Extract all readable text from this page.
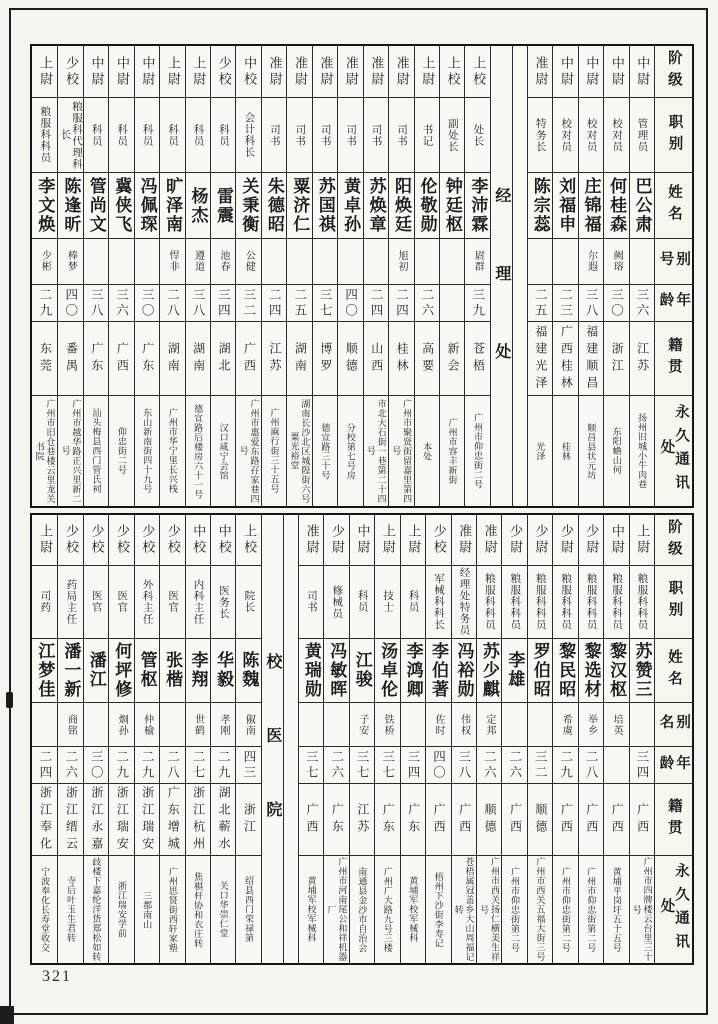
阶级
职别
姓名
别号
年龄
籍贯
永久通讯处
中尉
管理员
巴公肃
三六
江苏
扬州旧城小牛肉巷
中尉
校对员
何桂森
阙瑢
三〇
浙江
东阳蟾山何
中尉
校对员
庄锦福
尔遐
三八
福建顺昌
顺昌县状元坊
中尉
校对员
刘福申
二三
广西桂林
桂林
准尉
特务长
陈宗蕊
二五
福建光泽
光泽
经理处
上校
处长
李沛霖
尉群
三九
苍梧
广州市仰忠街二号
上校
副处长
钟廷枢
新会
广州市容丰新街
上尉
书记
伦敬勋
二六
高要
本处
准尉
司书
阳焕廷
旭初
二四
桂林
广州市聚贤街留嘉里第四号
准尉
司书
苏焕章
二四
山西
市北大石街一巷第二十四号
准尉
司书
黄卓孙
四〇
顺德
分校第七号房
准尉
司书
苏国祺
三七
博罗
德宣路三十号
准尉
司书
粟济仁
二五
湖南
湖南长沙北区城隍街六号粟光裕堂
准尉
司书
朱德昭
二四
江苏
广州麻行街三十五号
中校
会计科长
关秉衡
公健
三二
广西
广州市惠爱东路孖家巷四号
少校
科员
雷震
池春
三四
湖北
汉口咸宁会馆
上尉
科员
杨杰
遵道
三八
湖南
德宣路后楼房六十一号
上尉
科员
旷泽南
悍非
二八
湖南
广州市华宁里长兴栈
中尉
科员
冯佩琛
三〇
广东
东山新南街四十九号
中尉
科员
冀侠飞
三六
广西
仰忠街二号
中尉
科员
管尚文
三八
广东
汕头梅县西门管氏祠
少校
粮服科代理科长
陈逢昕
棒梦
四〇
番禺
广州市越华路正兴里新二号
上尉
粮服科科员
李文焕
少彬
二九
东莞
广州市旧仓巷楼云里龙关书院
阶级
职别
姓名
别名
年龄
籍贯
永久通讯处
上尉
粮服科科员
苏赞三
三四
广西
广州市四牌楼云台里三十号
中尉
粮服科科员
黎汉枢
培英
广西
黄埔平岗圩五十五号
少尉
粮服科科员
黎选材
举乡
二八
广西
广州市仰忠街第二号
少尉
粮服科科员
黎民昭
希虞
二九
广西
广州市仰忠街第二号
少尉
粮服科科员
罗伯昭
三二
顺德
广州市西关五福大街三号
少尉
粮服科科员
李雄
二六
广西
广州市仰忠街第二号
准尉
粮服科科员
苏少麒
定邦
二六
顺德
广州市西关扬仁横美生祥号
准尉
经理处特务员
冯裕勋
伟权
三八
广西
苍梧属冠盖乡大山周福记转
少校
军械科科长
李伯著
佐时
四〇
广西
梧州下沙街李寿记
上尉
科员
李鸿卿
三四
广东
黄埔军校军械科
上尉
技士
汤卓伦
铁桥
三七
广东
广州广大路九号三楼
中尉
科员
江骏
子安
三七
江苏
南通县金沙市自治会
少尉
修械员
冯敏晖
二六
广东
广州市河南尾公和祥机器厂
准尉
司书
黄瑞勋
三七
广西
黄埔军校军械科
校医院
上校
院长
陈魏
俶南
四三
浙江
绍县西门荣禄第
中校
医务长
华毅
孝刚
二九
湖北蕲水
关口华崇仁堂
中校
内科主任
李翔
世鹤
二七
浙江杭州
焦棋杆协和衣庄转
少校
医官
张楷
二八
广东增城
广州思贤街西轩家塾
少校
外科主任
管枢
仲榆
二九
浙江瑞安
三都南山
少校
医官
何坪修
烱孙
二九
浙江瑞安
浙江瑞安学前
少校
医官
潘江
三〇
浙江永嘉
歧楼下嘉纶洋货郑松如转
少校
药局主任
潘一新
商铭
二六
浙江缙云
寺后叶玉生君转
上尉
司药
江梦佳
二四
浙江奉化
宁波奉化长寿堂收交
321
